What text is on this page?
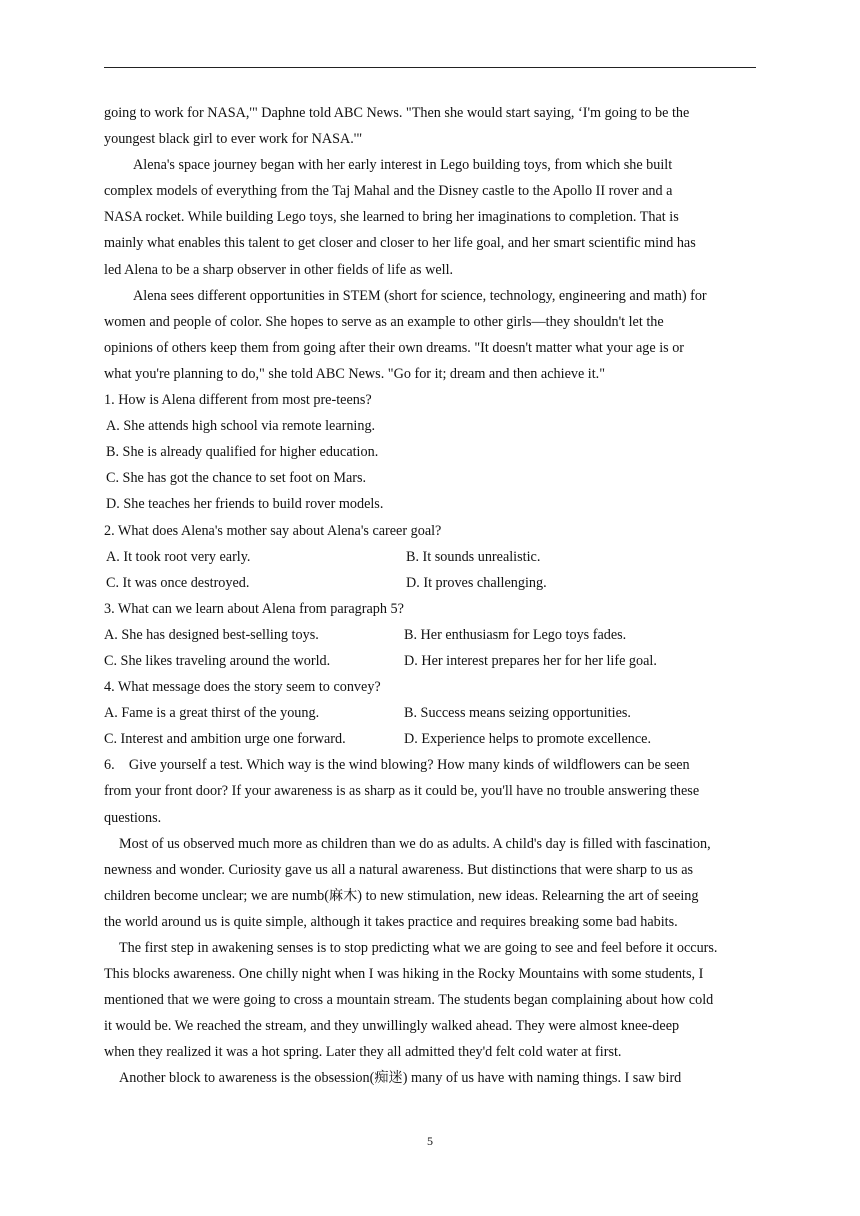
going to work for NASA,'" Daphne told ABC News. "Then she would start saying, ‘I'm going to be the

youngest black girl to ever work for NASA.'"

Alena's space journey began with her early interest in Lego building toys, from which she built

complex models of everything from the Taj Mahal and the Disney castle to the Apollo II rover and a

NASA rocket. While building Lego toys, she learned to bring her imaginations to completion. That is

mainly what enables this talent to get closer and closer to her life goal, and her smart scientific mind has

led Alena to be a sharp observer in other fields of life as well.

Alena sees different opportunities in STEM (short for science, technology, engineering and math) for

women and people of color. She hopes to serve as an example to other girls—they shouldn't let the

opinions of others keep them from going after their own dreams. "It doesn't matter what your age is or

what you're planning to do," she told ABC News. "Go for it; dream and then achieve it."

1. How is Alena different from most pre-teens?

A. She attends high school via remote learning.

B. She is already qualified for higher education.

C. She has got the chance to set foot on Mars.

D. She teaches her friends to build rover models.

2. What does Alena's mother say about Alena's career goal?

A. It took root very early.	B. It sounds unrealistic.
C. It was once destroyed.	D. It proves challenging.

3. What can we learn about Alena from paragraph 5?

A. She has designed best-selling toys.	B. Her enthusiasm for Lego toys fades.
C. She likes traveling around the world.	D. Her interest prepares her for her life goal.

4. What message does the story seem to convey?

A. Fame is a great thirst of the young.	B. Success means seizing opportunities.
C. Interest and ambition urge one forward.	D. Experience helps to promote excellence.

6.    Give yourself a test. Which way is the wind blowing? How many kinds of wildflowers can be seen

from your front door? If your awareness is as sharp as it could be, you'll have no trouble answering these

questions.

Most of us observed much more as children than we do as adults. A child's day is filled with fascination,

newness and wonder. Curiosity gave us all a natural awareness. But distinctions that were sharp to us as

children become unclear; we are numb(麻木) to new stimulation, new ideas. Relearning the art of seeing

the world around us is quite simple, although it takes practice and requires breaking some bad habits.

The first step in awakening senses is to stop predicting what we are going to see and feel before it occurs.

This blocks awareness. One chilly night when I was hiking in the Rocky Mountains with some students, I

mentioned that we were going to cross a mountain stream. The students began complaining about how cold

it would be. We reached the stream, and they unwillingly walked ahead. They were almost knee-deep

when they realized it was a hot spring. Later they all admitted they'd felt cold water at first.

Another block to awareness is the obsession(痴迷) many of us have with naming things. I saw bird

5
